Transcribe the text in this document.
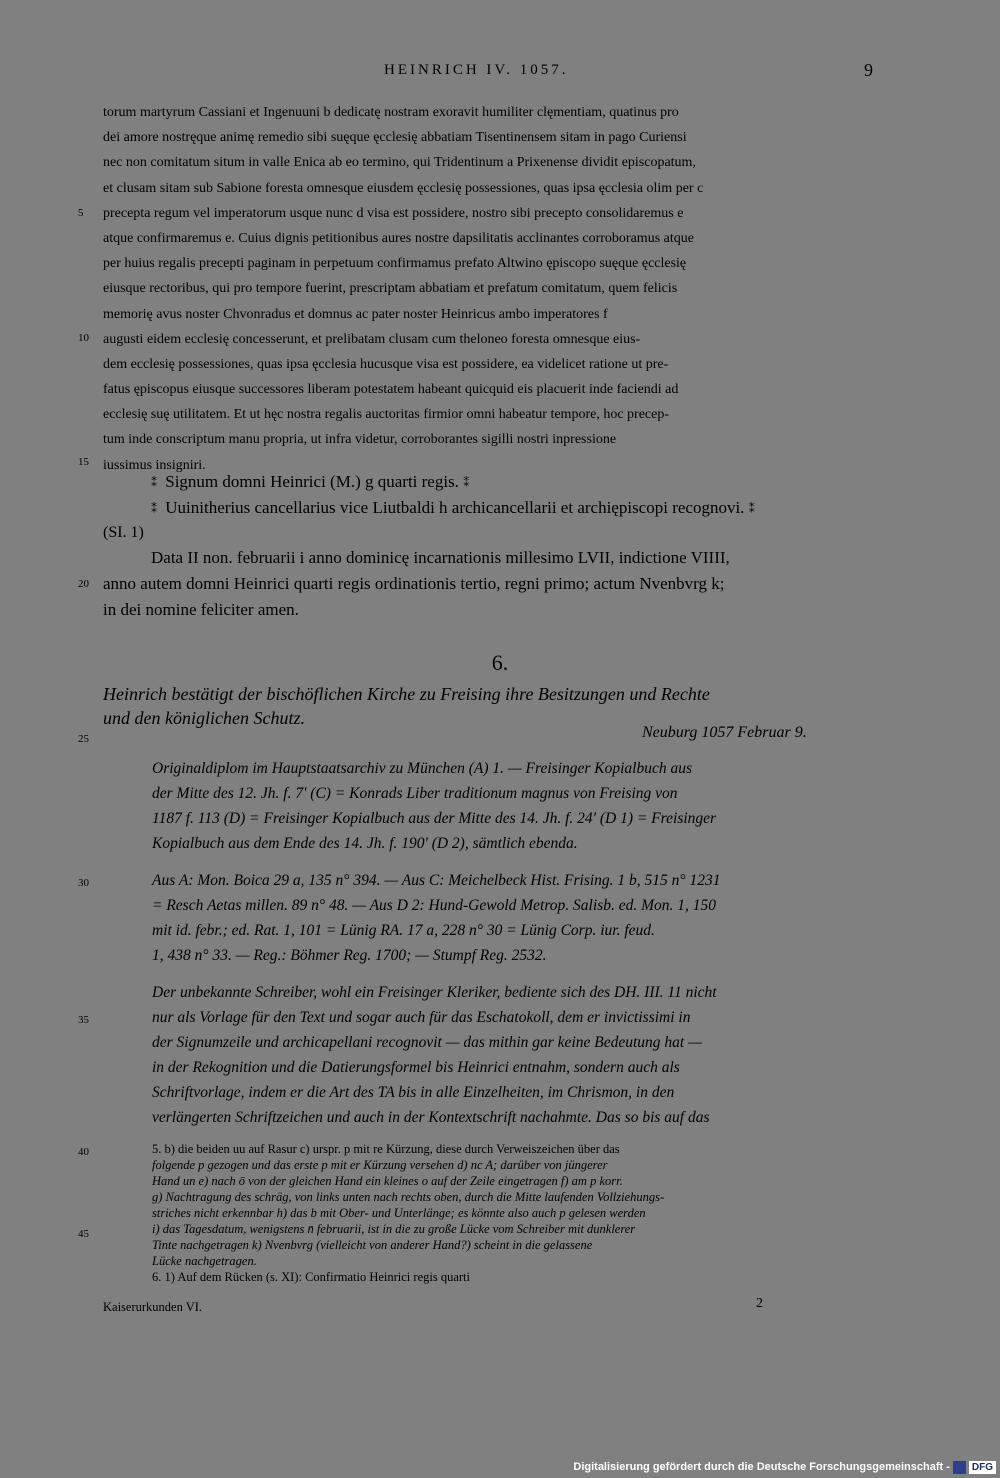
HEINRICH IV. 1057.	9
torum martyrum Cassiani et Ingenuuni b dedicatę nostram exoravit humiliter clęmentiam, quatinus pro
dei amore nostręque animę remedio sibi suęque ęcclesię abbatiam Tisentinensem sitam in pago Curiensi
nec non comitatum situm in valle Enica ab eo termino, qui Tridentinum a Prixenense dividit episcopatum,
et clusam sitam sub Sabione foresta omnesque eiusdem ęcclesię possessiones, quas ipsa ęcclesia olim per c
precepta regum vel imperatorum usque nunc d visa est possidere, nostro sibi precepto consolidaremus e
atque confirmaremus e. Cuius dignis petitionibus aures nostre dapsilitatis acclinantes corroboramus atque
per huius regalis precepti paginam in perpetuum confirmamus prefato Altwino ępiscopo suęque ęcclesię
eiusque rectoribus, qui pro tempore fuerint, prescriptam abbatiam et prefatum comitatum, quem felicis
memorię avus noster Chvonradus et domnus ac pater noster Heinricus ambo imperatores f
augusti eidem ecclesię concesserunt, et prelibatam clusam cum theloneo foresta omnesque eius-
dem ecclesię possessiones, quas ipsa ęcclesia hucusque visa est possidere, ea videlicet ratione ut pre-
fatus ępiscopus eiusque successores liberam potestatem habeant quicquid eis placuerit inde faciendi ad
ecclesię suę utilitatem. Et ut hęc nostra regalis auctoritas firmior omni habeatur tempore, hoc precep-
tum inde conscriptum manu propria, ut infra videtur, corroborantes sigilli nostri inpressione
iussimus insigniri.
5
10
15
20
25
30
35
40
45
⁑ Signum domni Heinrici (M.) g quarti regis. ⁑
⁑ Uuinitherius cancellarius vice Liutbaldi h archicancellarii et archiępiscopi recognovi. ⁑
(SI. 1)
Data II non. februarii i anno dominicę incarnationis millesimo LVII, indictione VIIII,
anno autem domni Heinrici quarti regis ordinationis tertio, regni primo; actum Nvenbvrg k;
in dei nomine feliciter amen.
6.
Heinrich bestätigt der bischöflichen Kirche zu Freising ihre Besitzungen und Rechte
und den königlichen Schutz.
Neuburg 1057 Februar 9.
Originaldiplom im Hauptstaatsarchiv zu München (A) 1. — Freisinger Kopialbuch aus
der Mitte des 12. Jh. f. 7' (C) = Konrads Liber traditionum magnus von Freising von
1187 f. 113 (D) = Freisinger Kopialbuch aus der Mitte des 14. Jh. f. 24' (D 1) = Freisinger
Kopialbuch aus dem Ende des 14. Jh. f. 190' (D 2), sämtlich ebenda.
Aus A: Mon. Boica 29 a, 135 n° 394. — Aus C: Meichelbeck Hist. Frising. 1 b, 515 n° 1231
= Resch Aetas millen. 89 n° 48. — Aus D 2: Hund-Gewold Metrop. Salisb. ed. Mon. 1, 150
mit id. febr.; ed. Rat. 1, 101 = Lünig RA. 17 a, 228 n° 30 = Lünig Corp. iur. feud.
1, 438 n° 33. — Reg.: Böhmer Reg. 1700; — Stumpf Reg. 2532.
Der unbekannte Schreiber, wohl ein Freisinger Kleriker, bediente sich des DH. III. 11 nicht
nur als Vorlage für den Text und sogar auch für das Eschatokoll, dem er invictissimi in
der Signumzeile und archicapellani recognovit — das mithin gar keine Bedeutung hat —
in der Rekognition und die Datierungsformel bis Heinrici entnahm, sondern auch als
Schriftvorlage, indem er die Art des TA bis in alle Einzelheiten, im Chrismon, in den
verlängerten Schriftzeichen und auch in der Kontextschrift nachahmte. Das so bis auf das
5. b) die beiden uu auf Rasur c) urspr. p mit re Kürzung, diese durch Verweiszeichen über das
folgende p gezogen und das erste p mit er Kürzung versehen d) nc A; darüber von jüngerer
Hand un e) nach ō von der gleichen Hand ein kleines o auf der Zeile eingetragen f) am p korr.
g) Nachtragung des schräg, von links unten nach rechts oben, durch die Mitte laufenden Vollziehungs-
striches nicht erkennbar h) das b mit Ober- und Unterlänge; es könnte also auch p gelesen werden
i) das Tagesdatum, wenigstens n̄ februarii, ist in die zu große Lücke vom Schreiber mit dunklerer
Tinte nachgetragen k) Nvenbvrg (vielleicht von anderer Hand?) scheint in die gelassene
Lücke nachgetragen.
6. 1) Auf dem Rücken (s. XI): Confirmatio Heinrici regis quarti
Kaiserurkunden VI.	2
Digitalisierung gefördert durch die Deutsche Forschungsgemeinschaft -	DFG
